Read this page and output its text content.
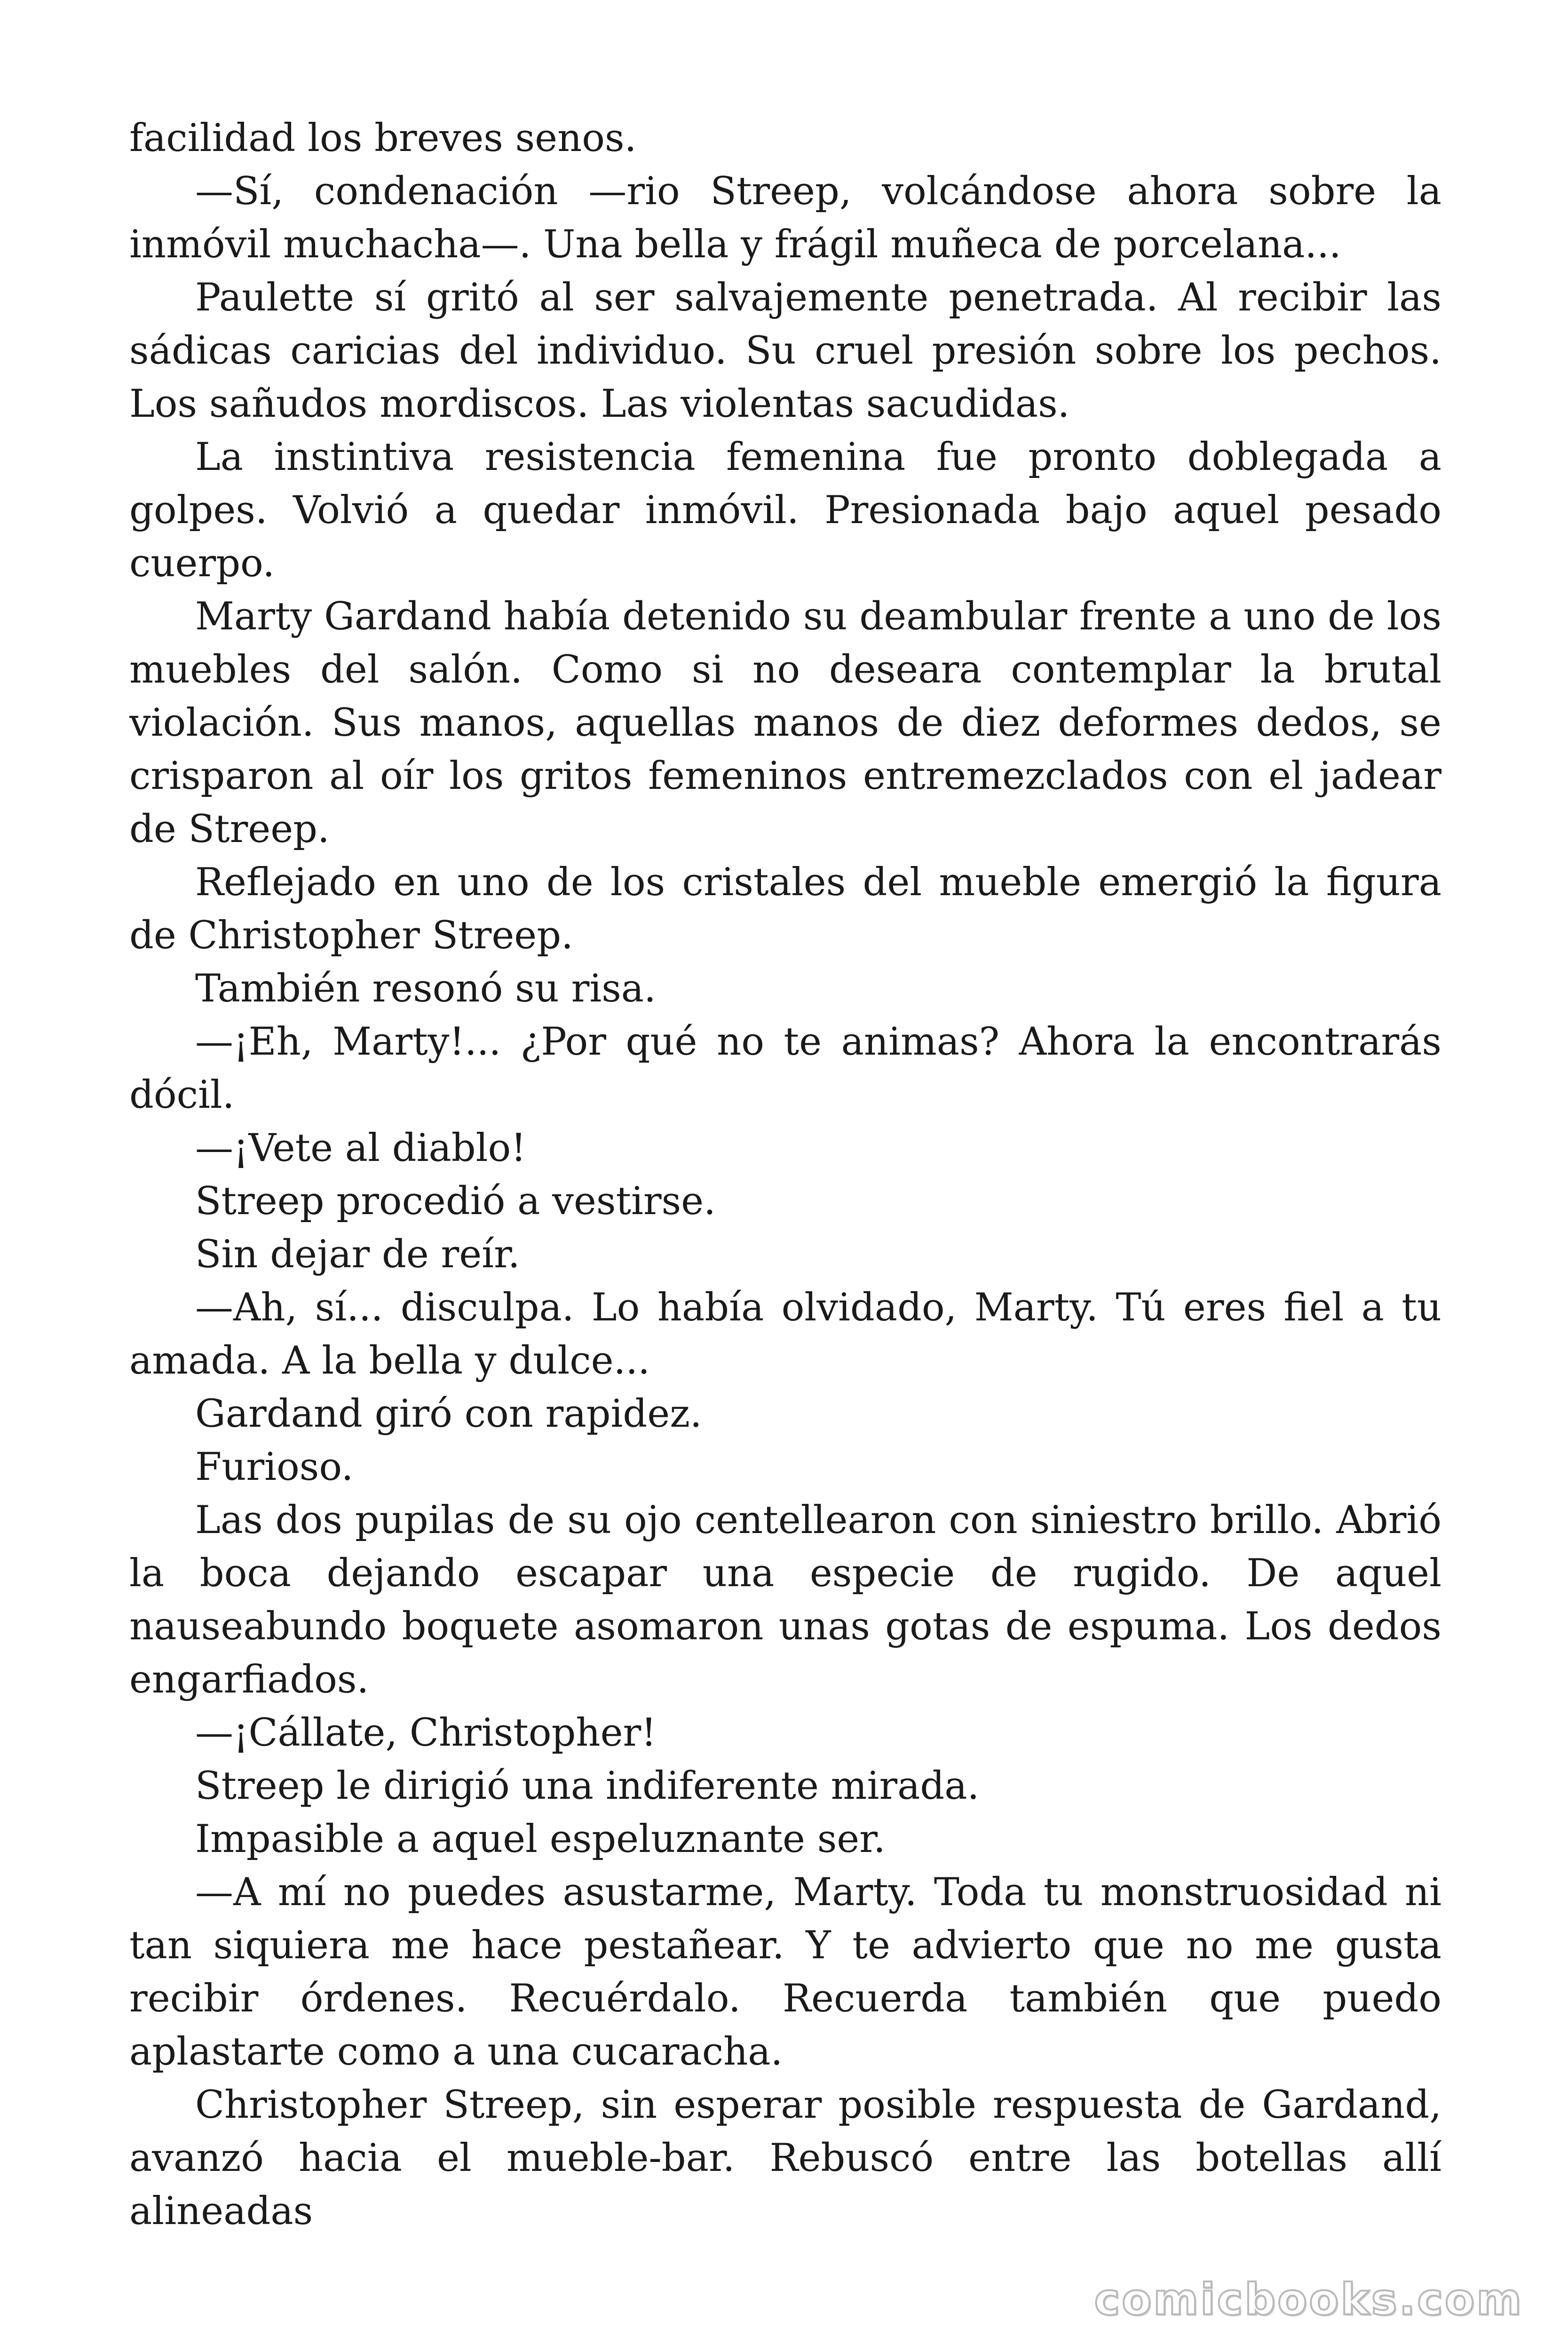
facilidad los breves senos.

—Sí, condenación —rio Streep, volcándose ahora sobre la inmóvil muchacha—. Una bella y frágil muñeca de porcelana...

Paulette sí gritó al ser salvajemente penetrada. Al recibir las sádicas caricias del individuo. Su cruel presión sobre los pechos. Los sañudos mordiscos. Las violentas sacudidas.

La instintiva resistencia femenina fue pronto doblegada a golpes. Volvió a quedar inmóvil. Presionada bajo aquel pesado cuerpo.

Marty Gardand había detenido su deambular frente a uno de los muebles del salón. Como si no deseara contemplar la brutal violación. Sus manos, aquellas manos de diez deformes dedos, se crisparon al oír los gritos femeninos entremezclados con el jadear de Streep.

Reflejado en uno de los cristales del mueble emergió la figura de Christopher Streep.

También resonó su risa.

—¡Eh, Marty!... ¿Por qué no te animas? Ahora la encontrarás dócil.

—¡Vete al diablo!

Streep procedió a vestirse.

Sin dejar de reír.

—Ah, sí... disculpa. Lo había olvidado, Marty. Tú eres fiel a tu amada. A la bella y dulce...

Gardand giró con rapidez.

Furioso.

Las dos pupilas de su ojo centellearon con siniestro brillo. Abrió la boca dejando escapar una especie de rugido. De aquel nauseabundo boquete asomaron unas gotas de espuma. Los dedos engarfiados.

—¡Cállate, Christopher!

Streep le dirigió una indiferente mirada.

Impasible a aquel espeluznante ser.

—A mí no puedes asustarme, Marty. Toda tu monstruosidad ni tan siquiera me hace pestañear. Y te advierto que no me gusta recibir órdenes. Recuérdalo. Recuerda también que puedo aplastarte como a una cucaracha.

Christopher Streep, sin esperar posible respuesta de Gardand, avanzó hacia el mueble-bar. Rebuscó entre las botellas allí alineadas

comicbooks.com
